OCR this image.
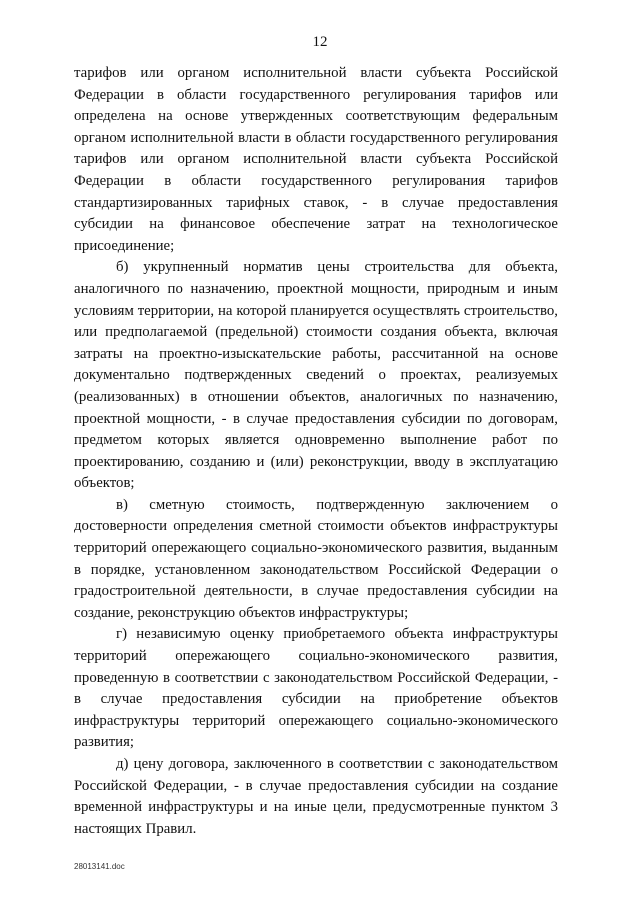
12

тарифов или органом исполнительной власти субъекта Российской Федерации в области государственного регулирования тарифов или определена на основе утвержденных соответствующим федеральным органом исполнительной власти в области государственного регулирования тарифов или органом исполнительной власти субъекта Российской Федерации в области государственного регулирования тарифов стандартизированных тарифных ставок, - в случае предоставления субсидии на финансовое обеспечение затрат на технологическое присоединение;

б) укрупненный норматив цены строительства для объекта, аналогичного по назначению, проектной мощности, природным и иным условиям территории, на которой планируется осуществлять строительство, или предполагаемой (предельной) стоимости создания объекта, включая затраты на проектно-изыскательские работы, рассчитанной на основе документально подтвержденных сведений о проектах, реализуемых (реализованных) в отношении объектов, аналогичных по назначению, проектной мощности, - в случае предоставления субсидии по договорам, предметом которых является одновременно выполнение работ по проектированию, созданию и (или) реконструкции, вводу в эксплуатацию объектов;

в) сметную стоимость, подтвержденную заключением о достоверности определения сметной стоимости объектов инфраструктуры территорий опережающего социально-экономического развития, выданным в порядке, установленном законодательством Российской Федерации о градостроительной деятельности, в случае предоставления субсидии на создание, реконструкцию объектов инфраструктуры;

г) независимую оценку приобретаемого объекта инфраструктуры территорий опережающего социально-экономического развития, проведенную в соответствии с законодательством Российской Федерации, - в случае предоставления субсидии на приобретение объектов инфраструктуры территорий опережающего социально-экономического развития;

д) цену договора, заключенного в соответствии с законодательством Российской Федерации, - в случае предоставления субсидии на создание временной инфраструктуры и на иные цели, предусмотренные пунктом 3 настоящих Правил.

28013141.doc
